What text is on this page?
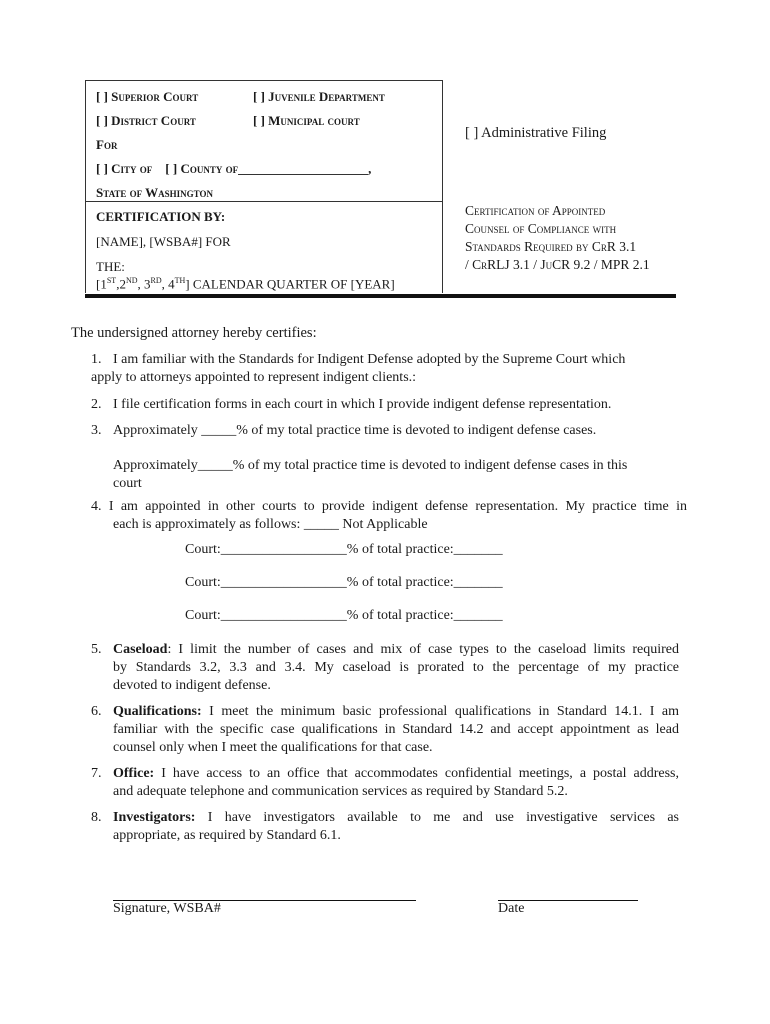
[ ] Superior Court	[ ] Juvenile Department
[ ] District Court	[ ] Municipal court
For
[ ] City of    [ ] County of____________________,
State of Washington
CERTIFICATION BY:
[NAME], [WSBA#] FOR
THE:
[1ST,2ND, 3RD, 4TH] CALENDAR QUARTER OF [YEAR]
[ ] Administrative Filing
Certification of Appointed
Counsel of Compliance with
Standards Required by CrR 3.1
/ CrRLJ 3.1 / JuCR 9.2 / MPR 2.1
The undersigned attorney hereby certifies:
1. I am familiar with the Standards for Indigent Defense adopted by the Supreme Court which
apply to attorneys appointed to represent indigent clients.:
2. I file certification forms in each court in which I provide indigent defense representation.
3. Approximately _____% of my total practice time is devoted to indigent defense cases.
Approximately_____% of my total practice time is devoted to indigent defense cases in this
court
4. I am appointed in other courts to provide indigent defense representation. My practice time in
each is approximately as follows: _____ Not Applicable
Court:__________________% of total practice:_______
Court:__________________% of total practice:_______
Court:__________________% of total practice:_______
5. Caseload: I limit the number of cases and mix of case types to the caseload limits required
by Standards 3.2, 3.3 and 3.4. My caseload is prorated to the percentage of my practice
devoted to indigent defense.
6. Qualifications: I meet the minimum basic professional qualifications in Standard 14.1. I am
familiar with the specific case qualifications in Standard 14.2 and accept appointment as lead
counsel only when I meet the qualifications for that case.
7. Office: I have access to an office that accommodates confidential meetings, a postal address,
and adequate telephone and communication services as required by Standard 5.2.
8. Investigators: I have investigators available to me and use investigative services as
appropriate, as required by Standard 6.1.
Signature, WSBA#	Date
